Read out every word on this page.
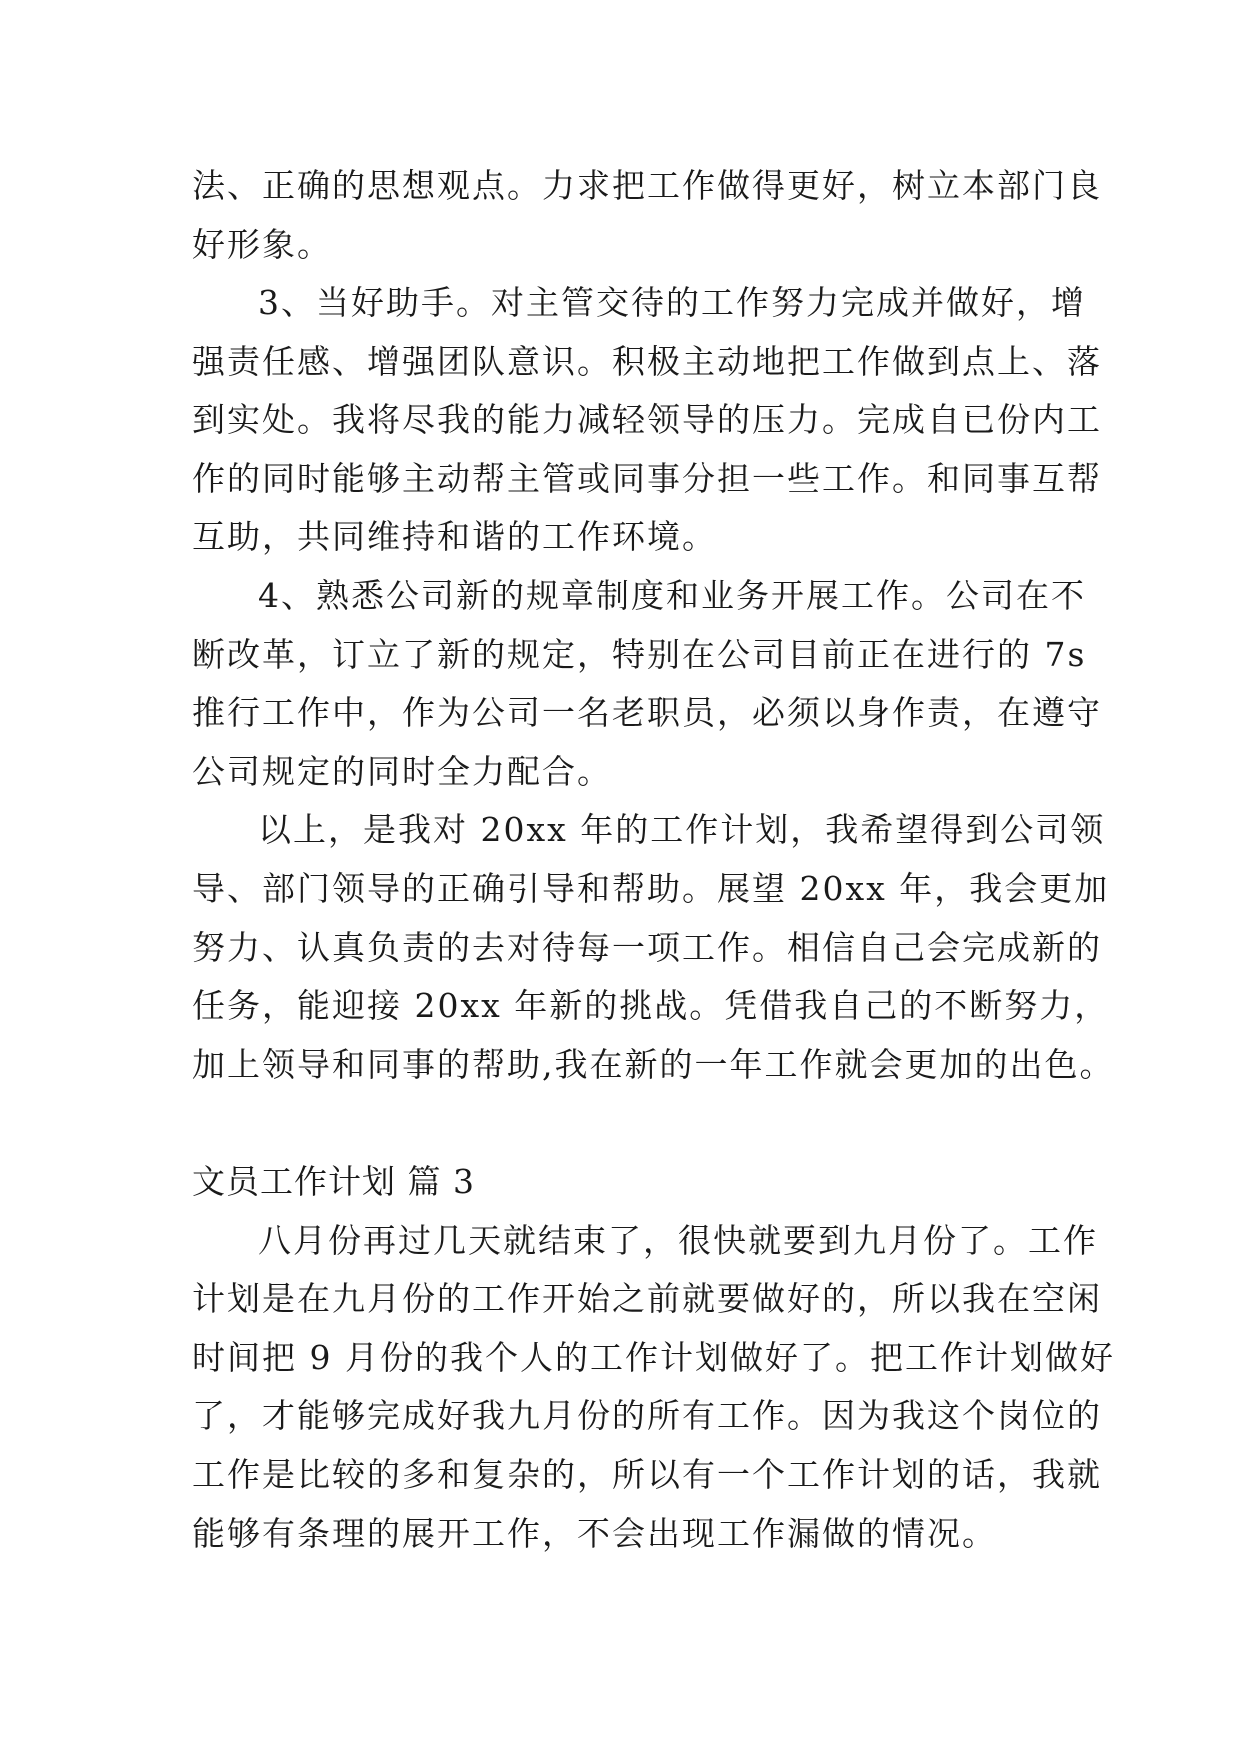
法、正确的思想观点。力求把工作做得更好，树立本部门良
好形象。
3、当好助手。对主管交待的工作努力完成并做好，增
强责任感、增强团队意识。积极主动地把工作做到点上、落
到实处。我将尽我的能力减轻领导的压力。完成自已份内工
作的同时能够主动帮主管或同事分担一些工作。和同事互帮
互助，共同维持和谐的工作环境。
4、熟悉公司新的规章制度和业务开展工作。公司在不
断改革，订立了新的规定，特别在公司目前正在进行的 7s
推行工作中，作为公司一名老职员，必须以身作责，在遵守
公司规定的同时全力配合。
以上，是我对 20xx 年的工作计划，我希望得到公司领
导、部门领导的正确引导和帮助。展望 20xx 年，我会更加
努力、认真负责的去对待每一项工作。相信自己会完成新的
任务，能迎接 20xx 年新的挑战。凭借我自己的不断努力，
加上领导和同事的帮助,我在新的一年工作就会更加的出色。
文员工作计划 篇 3
八月份再过几天就结束了，很快就要到九月份了。工作
计划是在九月份的工作开始之前就要做好的，所以我在空闲
时间把 9 月份的我个人的工作计划做好了。把工作计划做好
了，才能够完成好我九月份的所有工作。因为我这个岗位的
工作是比较的多和复杂的，所以有一个工作计划的话，我就
能够有条理的展开工作，不会出现工作漏做的情况。
